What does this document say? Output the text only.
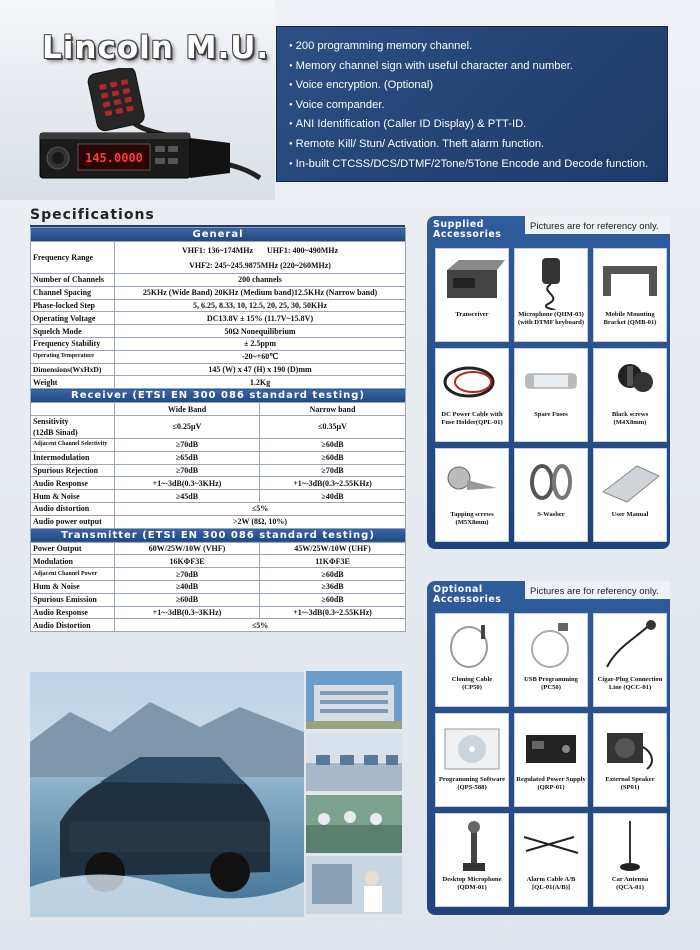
Lincoln M.U.
145.0000
● 200 programming memory channel.
● Memory channel sign with useful character and number.
● Voice encryption. (Optional)
● Voice compander.
● ANI Identification (Caller ID Display) & PTT-ID.
● Remote Kill/ Stun/ Activation. Theft alarm function.
● In-built CTCSS/DCS/DTMF/2Tone/5Tone Encode and Decode function.
Specifications
General		
Frequency Range	VHF1: 136~174MHz       UHF1: 400~490MHz
VHF2: 245~245.9875MHz (220~260MHz)	

Number of Channels	200 channels	
Channel Spacing	25KHz (Wide Band) 20KHz (Medium band)12.5KHz (Narrow band)	
Phase-locked Step	5, 6.25, 8.33, 10, 12.5, 20, 25, 30, 50KHz	
Operating Voltage	DC13.8V ± 15% (11.7V~15.8V)	
Squelch Mode	50Ω Nonequilibrium	
Frequency Stability	± 2.5ppm	
Operating Temperature	-20~+60℃	
Dimensions(WxHxD)	145 (W) x 47 (H) x 190 (D)mm	
Weight	1.2Kg	
Receiver (ETSI EN 300 086 standard testing)		
	Wide Band	Narrow band
Sensitivity
(12dB Sinad)	≤0.25μV	≤0.35μV
Adjacent Channel Selectivity	≥70dB	≥60dB
Intermodulation	≥65dB	≥60dB
Spurious Rejection	≥70dB	≥70dB
Audio Response	+1~-3dB(0.3~3KHz)	+1~-3dB(0.3~2.55KHz)
Hum & Noise	≥45dB	≥40dB
Audio distortion	≤5%	
Audio power output	>2W (8Ω, 10%)	
Transmitter (ETSI EN 300 086 standard testing)		
Power Output	60W/25W/10W (VHF)	45W/25W/10W (UHF)
Modulation	16KΦF3E	11KΦF3E
Adjacent Channel Power	≥70dB	≥60dB
Hum & Noise	≥40dB	≥36dB
Spurious Emission	≥60dB	≥60dB
Audio Response	+1~-3dB(0.3~3KHz)	+1~-3dB(0.3~2.55KHz)
Audio Distortion	≤5%	
Supplied
Accessories
Pictures are for referency only.
Transceiver	Microphone (QHM-03)
(with DTMF keyboard)
Mobile Mounting
Bracket (QMB-01)
DC Power Cable with
Fuse Holder(QPL-01)
Spare Fuses	Black screws
(M4X8mm)
Tapping screws
(M5X8mm)
S-Washer	User Manual
Optional
Accessories
Pictures are for referency only.
Cloning Cable
(CP50)
USB Programming
(PC50)
Cigar-Plug Connection
Line (QCC-01)
Programming Software
(QPS-588)
Regulated Power Supply
(QRP-01)
External Speaker
(SP01)
Desktop Microphone
(QDM-01)
Alarm Cable A/B
[QL-01(A/B)]
Car Antenna
(QCA-01)
